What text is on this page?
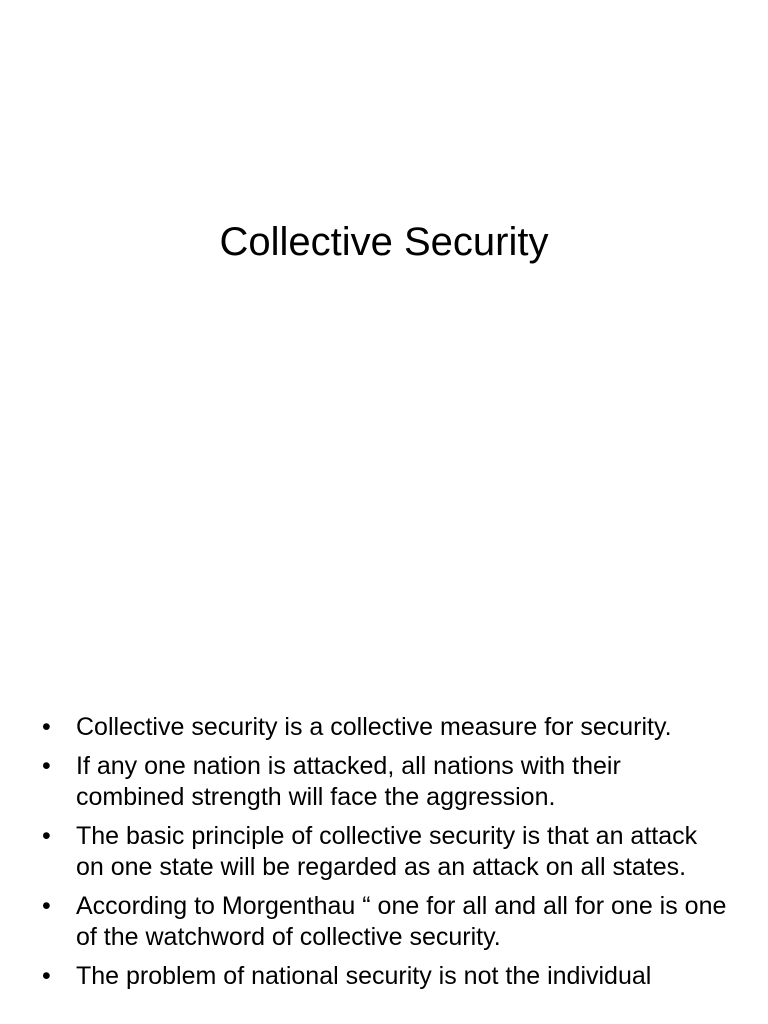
Collective Security
• Collective security is a collective measure for security.
• If any one nation is attacked, all nations with their combined strength will face the aggression.
• The basic principle of collective security is that an attack on one state will be regarded as an attack on all states.
• According to Morgenthau “ one for all and all for one is one of the watchword of collective security.
• The problem of national security is not the individual
